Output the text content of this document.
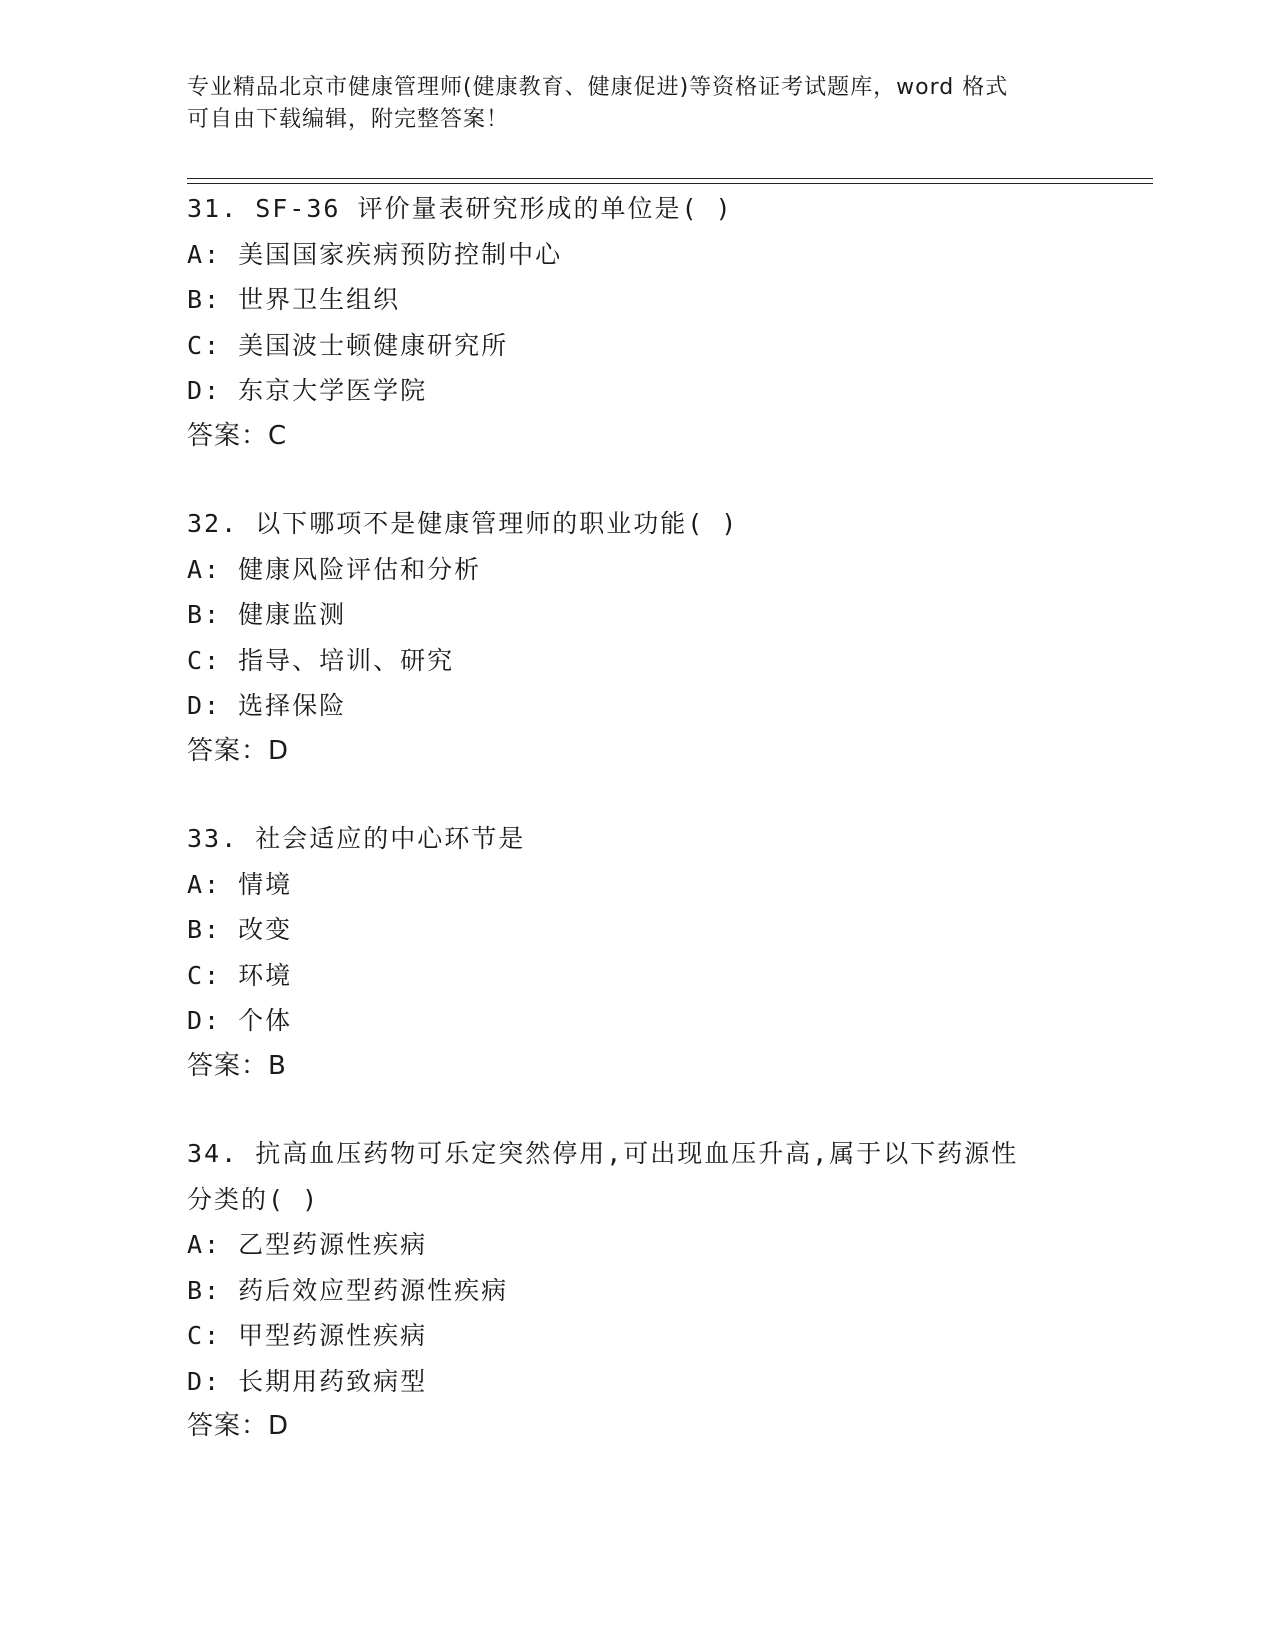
专业精品北京市健康管理师(健康教育、健康促进)等资格证考试题库，word 格式
可自由下载编辑，附完整答案！
31. SF-36 评价量表研究形成的单位是( )
A: 美国国家疾病预防控制中心
B: 世界卫生组织
C: 美国波士顿健康研究所
D: 东京大学医学院
答案：C
32. 以下哪项不是健康管理师的职业功能( )
A: 健康风险评估和分析
B: 健康监测
C: 指导、培训、研究
D: 选择保险
答案：D
33. 社会适应的中心环节是
A: 情境
B: 改变
C: 环境
D: 个体
答案：B
34. 抗高血压药物可乐定突然停用,可出现血压升高,属于以下药源性
分类的( )
A: 乙型药源性疾病
B: 药后效应型药源性疾病
C: 甲型药源性疾病
D: 长期用药致病型
答案：D
